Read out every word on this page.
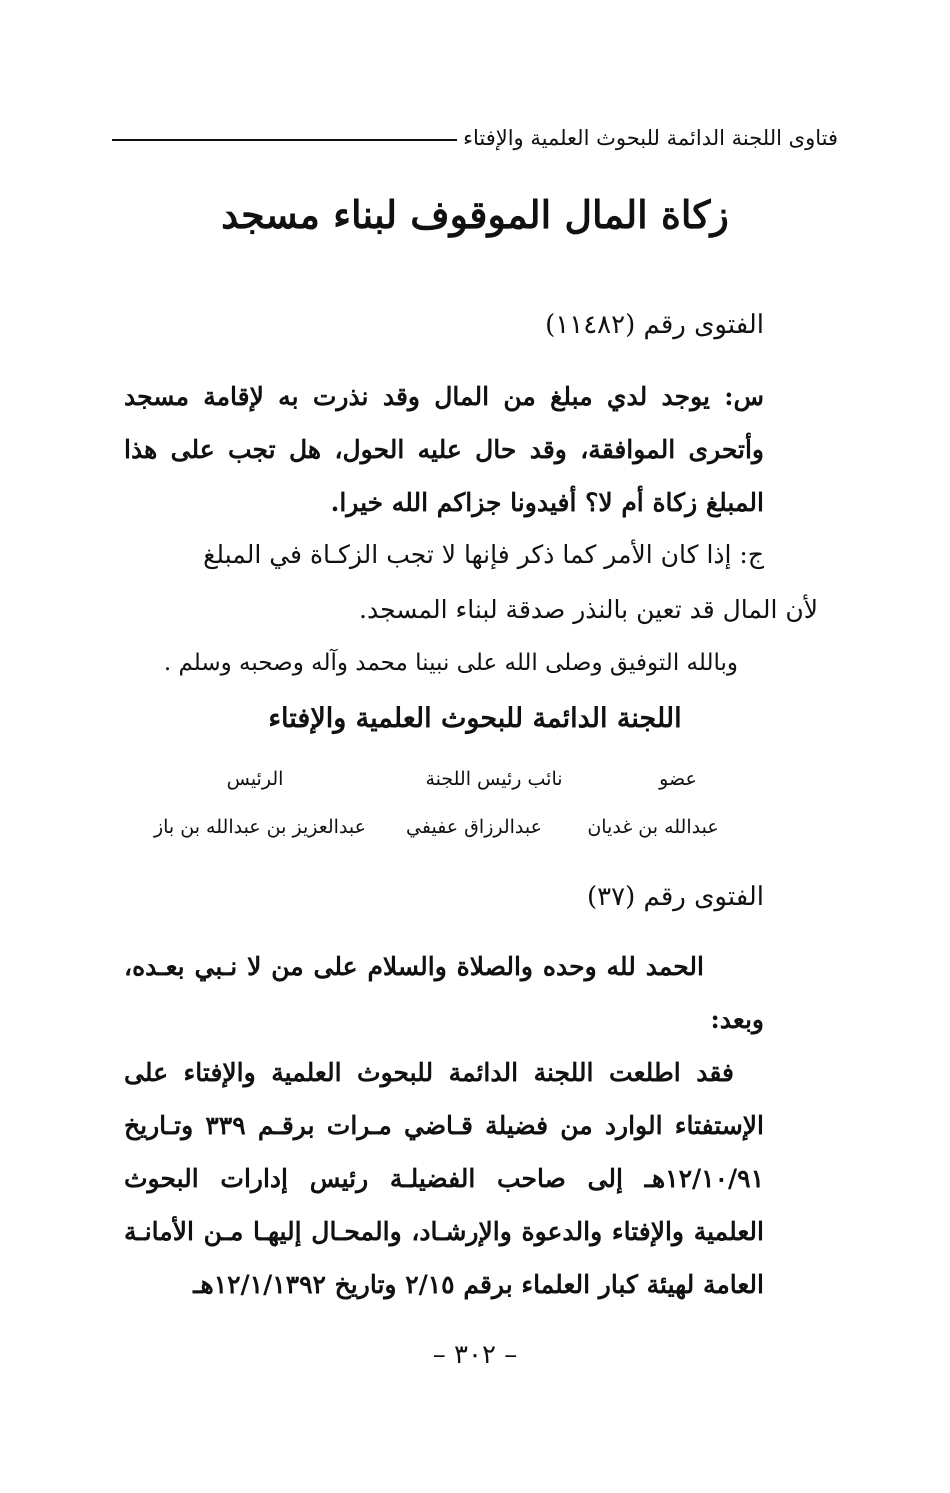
فتاوى اللجنة الدائمة للبحوث العلمية والإفتاء
زكاة المال الموقوف لبناء مسجد
الفتوى رقم (١١٤٨٢)
س: يوجد لدي مبلغ من المال وقد نذرت به لإقامة مسجد وأتحرى الموافقة، وقد حال عليه الحول، هل تجب على هذا المبلغ زكاة أم لا؟ أفيدونا جزاكم الله خيرا.
ج: إذا كان الأمر كما ذكر فإنها لا تجب الزكـاة في المبلغ
لأن المال قد تعين بالنذر صدقة لبناء المسجد.
وبالله التوفيق وصلى الله على نبينا محمد وآله وصحبه وسلم .
اللجنة الدائمة للبحوث العلمية والإفتاء
عضو
نائب رئيس اللجنة
الرئيس
عبدالله بن غديان
عبدالرزاق عفيفي
عبدالعزيز بن عبدالله بن باز
الفتوى رقم (٣٧)
الحمد لله وحده والصلاة والسلام على من لا نـبي بعـده، وبعد:
فقد اطلعت اللجنة الدائمة للبحوث العلمية والإفتاء على الإستفتاء الوارد من فضيلة قـاضي مـرات برقـم ٣٣٩ وتـاريخ ١٢/١٠/٩١هـ إلى صاحب الفضيلـة رئيس إدارات البحوث العلمية والإفتاء والدعوة والإرشـاد، والمحـال إليهـا مـن الأمانـة العامة لهيئة كبار العلماء برقم ٢/١٥ وتاريخ ١٢/١/١٣٩٢هـ
– ٣٠٢ –
